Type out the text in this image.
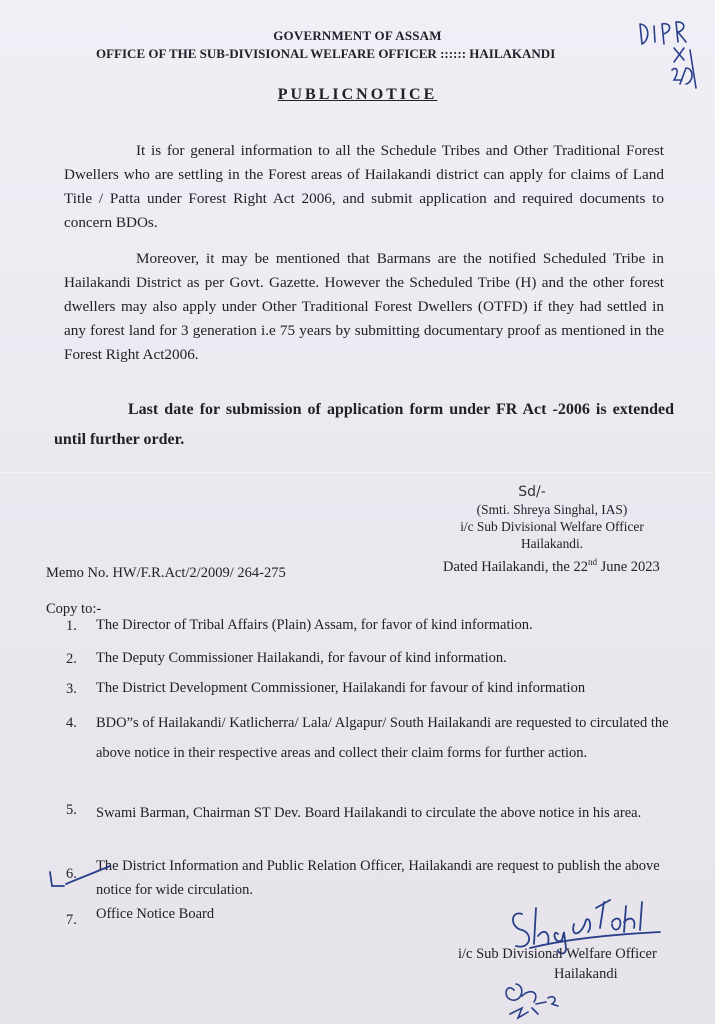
GOVERNMENT OF ASSAM
OFFICE OF THE SUB-DIVISIONAL WELFARE OFFICER :::::: HAILAKANDI
PUBLICNOTICE
It is for general information to all the Schedule Tribes and Other Traditional Forest Dwellers who are settling in the Forest areas of Hailakandi district can apply for claims of Land Title / Patta under Forest Right Act 2006, and submit application and required documents to concern BDOs.
Moreover, it may be mentioned that Barmans are the notified Scheduled Tribe in Hailakandi District as per Govt. Gazette. However the Scheduled Tribe (H) and the other forest dwellers may also apply under Other Traditional Forest Dwellers (OTFD) if they had settled in any forest land for 3 generation i.e 75 years by submitting documentary proof as mentioned in the Forest Right Act2006.
Last date for submission of application form under FR Act -2006 is extended until further order.
Sd/-
(Smti. Shreya Singhal, IAS)
i/c Sub Divisional Welfare Officer
Hailakandi.
Memo No. HW/F.R.Act/2/2009/ 264-275	Dated Hailakandi, the 22nd June 2023
Copy to:-
1.	The Director of Tribal Affairs (Plain) Assam, for favor of kind information.
2.	The Deputy Commissioner Hailakandi, for favour of kind information.
3.	The District Development Commissioner, Hailakandi for favour of kind information
4.	BDO”s of Hailakandi/ Katlicherra/ Lala/ Algapur/ South Hailakandi are requested to circulated the above notice in their respective areas and collect their claim forms for further action.
5.	Swami Barman, Chairman ST Dev. Board Hailakandi to circulate the above notice in his area.
6.	The District Information and Public Relation Officer, Hailakandi are request to publish the above notice for wide circulation.
7.	Office Notice Board
i/c Sub Divisional Welfare Officer
Hailakandi
